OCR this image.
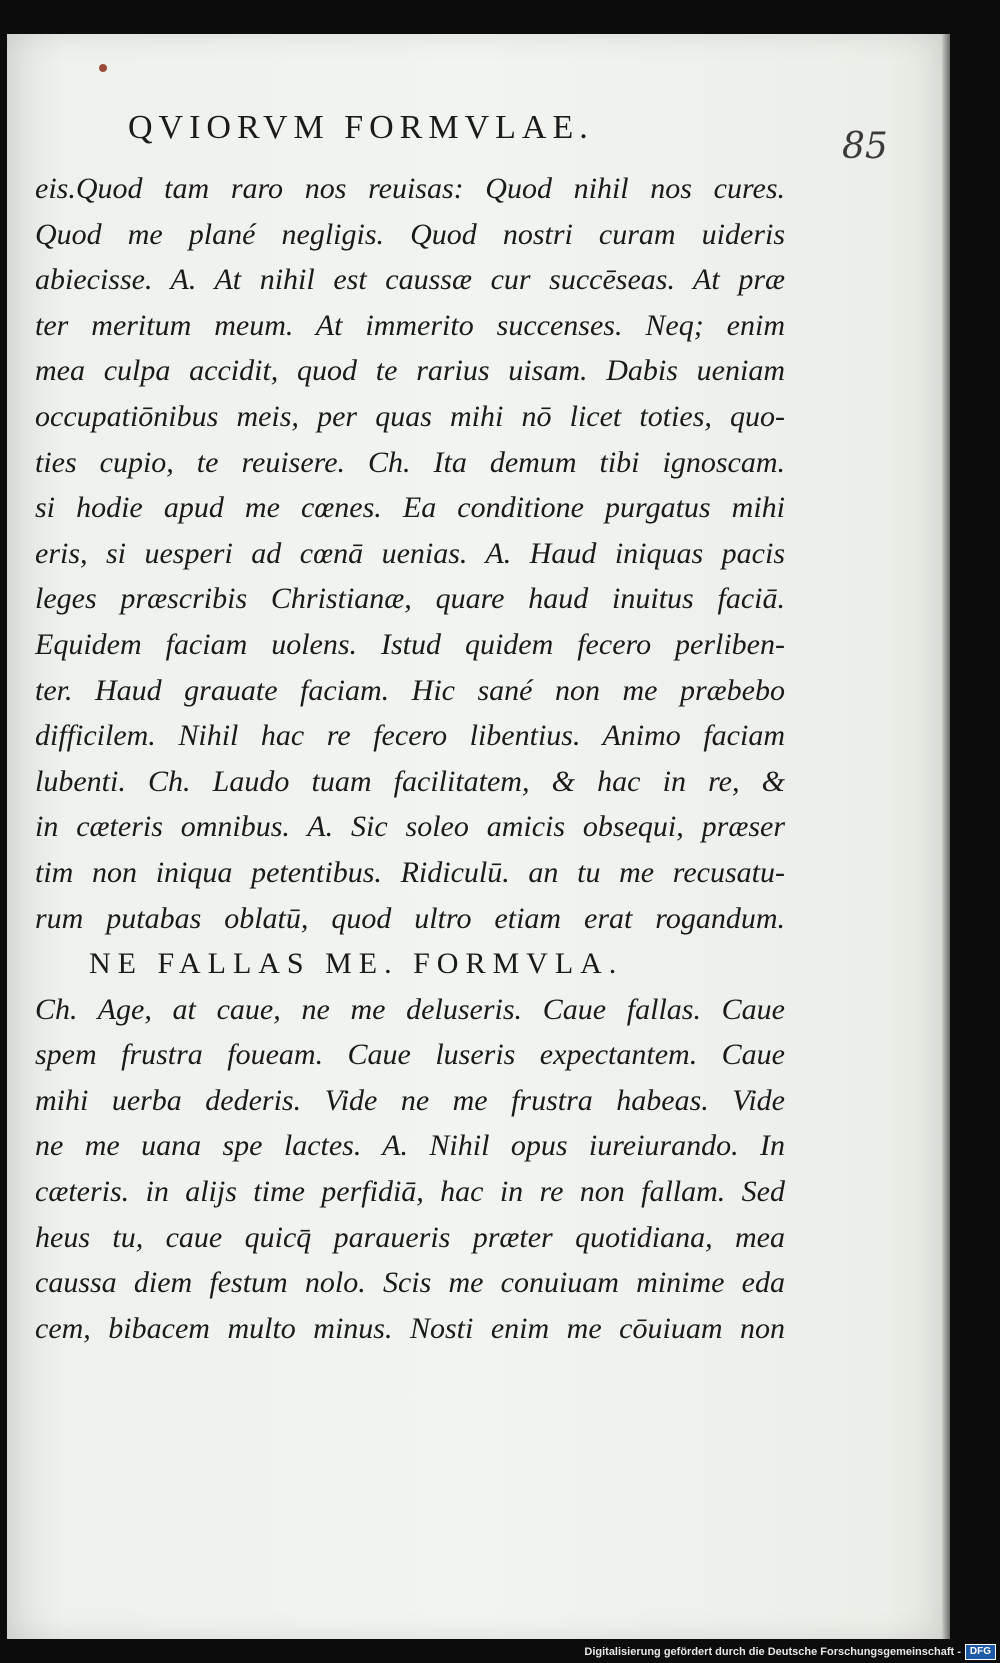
QVIORVM FORMVLAE.	85
eis.Quod tam raro nos reuisas: Quod nihil nos cures.
Quod me plané negligis. Quod nostri curam uideris
abiecisse. A. At nihil est caussæ cur succēseas. At præ
ter meritum meum. At immerito succenses. Neq; enim
mea culpa accidit, quod te rarius uisam. Dabis ueniam
occupatiōnibus meis, per quas mihi nō licet toties, quo-
ties cupio, te reuisere. Ch. Ita demum tibi ignoscam.
si hodie apud me cœnes. Ea conditione purgatus mihi
eris, si uesperi ad cœnā uenias. A. Haud iniquas pacis
leges præscribis Christianæ, quare haud inuitus faciā.
Equidem faciam uolens. Istud quidem fecero perliben-
ter. Haud grauate faciam. Hic sané non me præbebo
difficilem. Nihil hac re fecero libentius. Animo faciam
lubenti. Ch. Laudo tuam facilitatem, & hac in re, &
in cæteris omnibus. A. Sic soleo amicis obsequi, præser
tim non iniqua petentibus. Ridiculū. an tu me recusatu-
rum putabas oblatū, quod ultro etiam erat rogandum.
NE FALLAS ME. FORMVLA.
Ch. Age, at caue, ne me deluseris. Caue fallas. Caue
spem frustra foueam. Caue luseris expectantem. Caue
mihi uerba dederis. Vide ne me frustra habeas. Vide
ne me uana spe lactes. A. Nihil opus iureiurando. In
cæteris. in alijs time perfidiā, hac in re non fallam. Sed
heus tu, caue quicq̄ paraueris præter quotidiana, mea
caussa diem festum nolo. Scis me conuiuam minime eda
cem, bibacem multo minus. Nosti enim me cōuiuam non
Digitalisierung gefördert durch die Deutsche Forschungsgemeinschaft - DFG
